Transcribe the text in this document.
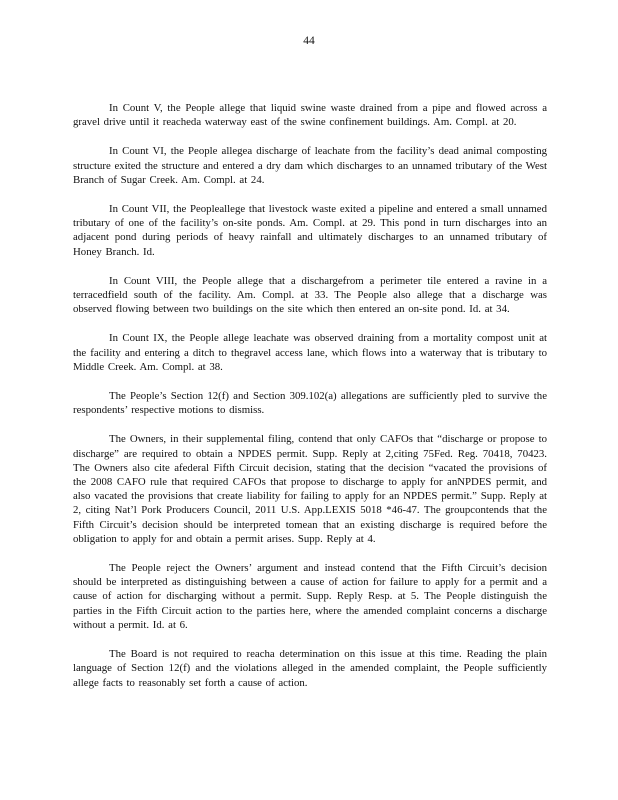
44

In Count V, the People allege that liquid swine waste drained from a pipe and flowed across a gravel drive until it reacheda waterway east of the swine confinement buildings. Am. Compl. at 20.

In Count VI, the People allegea discharge of leachate from the facility’s dead animal composting structure exited the structure and entered a dry dam which discharges to an unnamed tributary of the West Branch of Sugar Creek. Am. Compl. at 24.

In Count VII, the Peopleallege that livestock waste exited a pipeline and entered a small unnamed tributary of one of the facility’s on-site ponds. Am. Compl. at 29. This pond in turn discharges into an adjacent pond during periods of heavy rainfall and ultimately discharges to an unnamed tributary of Honey Branch. Id.

In Count VIII, the People allege that a dischargefrom a perimeter tile entered a ravine in a terracedfield south of the facility. Am. Compl. at 33. The People also allege that a discharge was observed flowing between two buildings on the site which then entered an on-site pond. Id. at 34.

In Count IX, the People allege leachate was observed draining from a mortality compost unit at the facility and entering a ditch to thegravel access lane, which flows into a waterway that is tributary to Middle Creek. Am. Compl. at 38.

The People’s Section 12(f) and Section 309.102(a) allegations are sufficiently pled to survive the respondents’ respective motions to dismiss.

The Owners, in their supplemental filing, contend that only CAFOs that “discharge or propose to discharge” are required to obtain a NPDES permit. Supp. Reply at 2,citing 75Fed. Reg. 70418, 70423. The Owners also cite afederal Fifth Circuit decision, stating that the decision “vacated the provisions of the 2008 CAFO rule that required CAFOs that propose to discharge to apply for anNPDES permit, and also vacated the provisions that create liability for failing to apply for an NPDES permit.” Supp. Reply at 2, citing Nat’l Pork Producers Council, 2011 U.S. App.LEXIS 5018 *46-47. The groupcontends that the Fifth Circuit’s decision should be interpreted tomean that an existing discharge is required before the obligation to apply for and obtain a permit arises. Supp. Reply at 4.

The People reject the Owners’ argument and instead contend that the Fifth Circuit’s decision should be interpreted as distinguishing between a cause of action for failure to apply for a permit and a cause of action for discharging without a permit. Supp. Reply Resp. at 5. The People distinguish the parties in the Fifth Circuit action to the parties here, where the amended complaint concerns a discharge without a permit. Id. at 6.

The Board is not required to reacha determination on this issue at this time. Reading the plain language of Section 12(f) and the violations alleged in the amended complaint, the People sufficiently allege facts to reasonably set forth a cause of action.
